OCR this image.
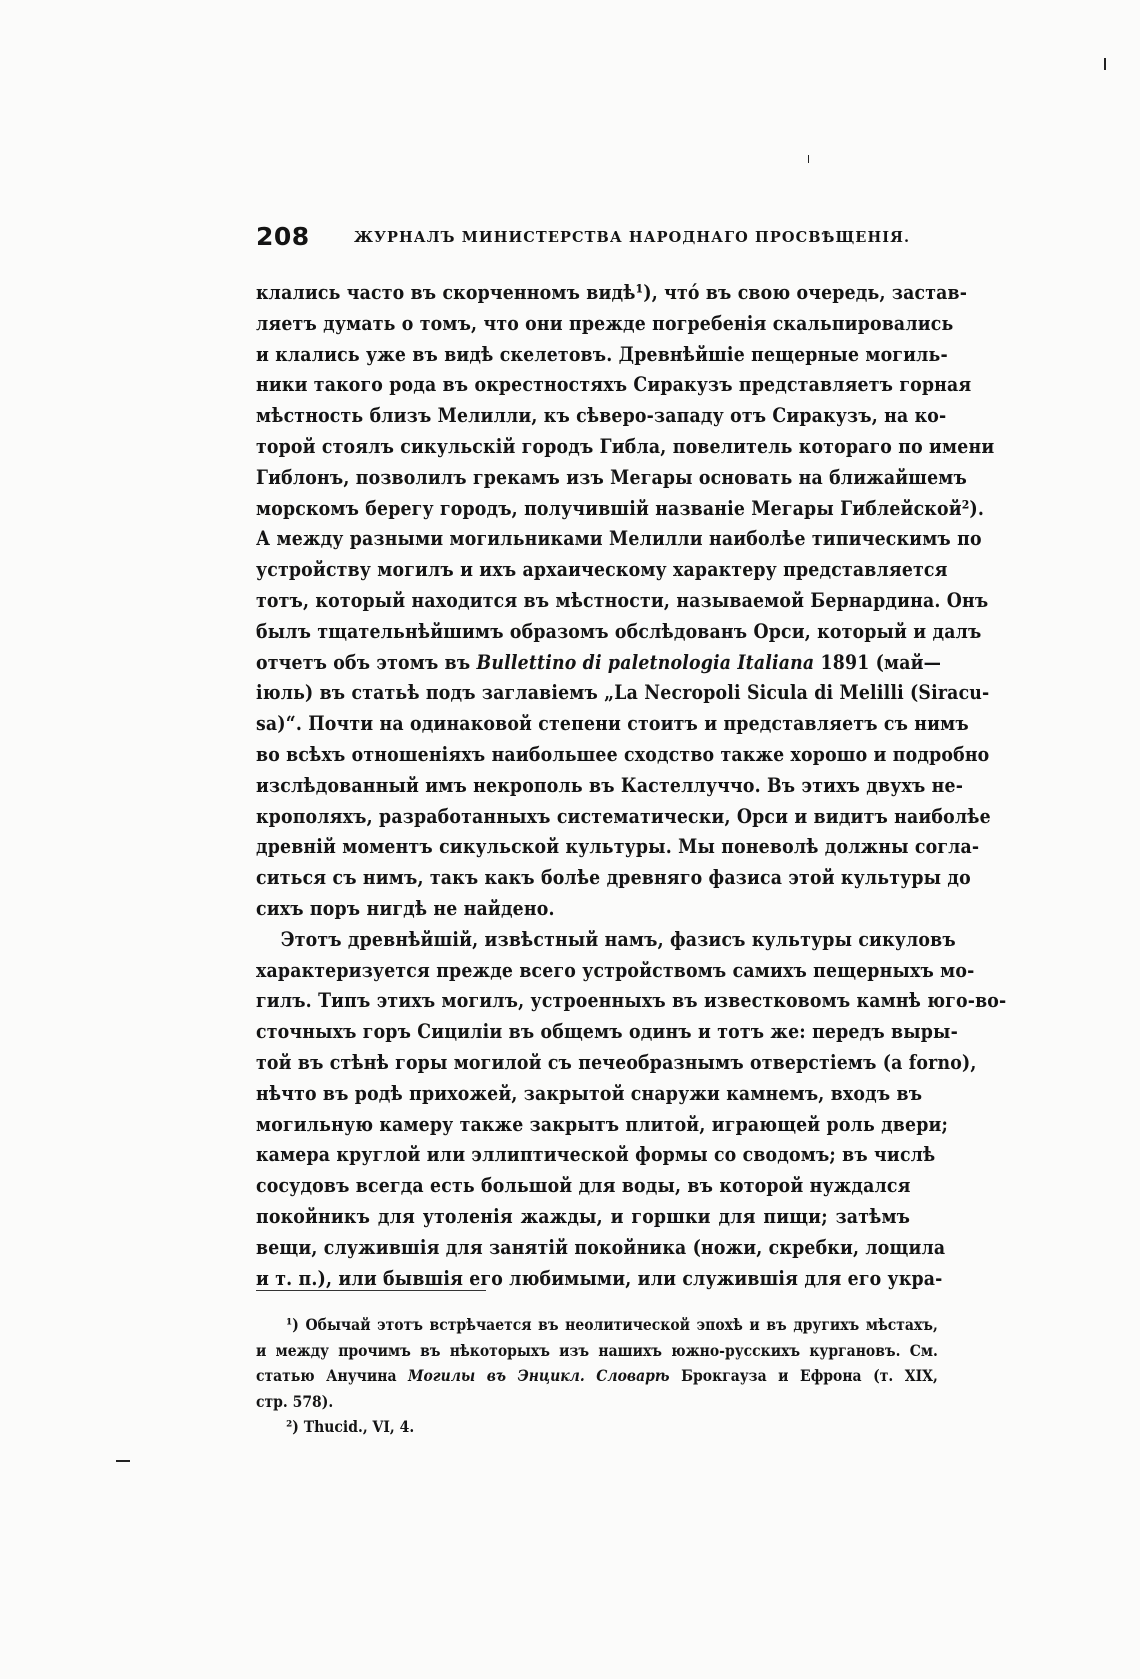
208	ЖУРНАЛЪ МИНИСТЕРСТВА НАРОДНАГО ПРОСВѢЩЕНІЯ.
клались часто въ скорченномъ видѣ¹), чтó въ свою очередь, застав-
ляетъ думать о томъ, что они прежде погребенія скальпировались
и клались уже въ видѣ скелетовъ. Древнѣйшіе пещерные могиль-
ники такого рода въ окрестностяхъ Сиракузъ представляетъ горная
мѣстность близъ Мелилли, къ сѣверо-западу отъ Сиракузъ, на ко-
торой стоялъ сикульскій городъ Гибла, повелитель котораго по имени
Гиблонъ, позволилъ грекамъ изъ Мегары основать на ближайшемъ
морскомъ берегу городъ, получившій названіе Мегары Гиблейской²).
А между разными могильниками Мелилли наиболѣе типическимъ по
устройству могилъ и ихъ архаическому характеру представляется
тотъ, который находится въ мѣстности, называемой Бернардина. Онъ
былъ тщательнѣйшимъ образомъ обслѣдованъ Орси, который и далъ
отчетъ объ этомъ въ Bullettino di paletnologia Italiana 1891 (май—
іюль) въ статьѣ подъ заглавіемъ „La Necropoli Sicula di Melilli (Siracu-
sa)“. Почти на одинаковой степени стоитъ и представляетъ съ нимъ
во всѣхъ отношеніяхъ наибольшее сходство также хорошо и подробно
изслѣдованный имъ некрополь въ Кастеллуччо. Въ этихъ двухъ не-
крополяхъ, разработанныхъ систематически, Орси и видитъ наиболѣе
древній моментъ сикульской культуры. Мы поневолѣ должны согла-
ситься съ нимъ, такъ какъ болѣе древняго фазиса этой культуры до
сихъ поръ нигдѣ не найдено.
Этотъ древнѣйшій, извѣстный намъ, фазисъ культуры сикуловъ
характеризуется прежде всего устройствомъ самихъ пещерныхъ мо-
гилъ. Типъ этихъ могилъ, устроенныхъ въ известковомъ камнѣ юго-во-
сточныхъ горъ Сициліи въ общемъ одинъ и тотъ же: передъ выры-
той въ стѣнѣ горы могилой съ печеобразнымъ отверстіемъ (a forno),
нѣчто въ родѣ прихожей, закрытой снаружи камнемъ, входъ въ
могильную камеру также закрытъ плитой, играющей роль двери;
камера круглой или эллиптической формы со сводомъ; въ числѣ
сосудовъ всегда есть большой для воды, въ которой нуждался
покойникъ для утоленія жажды, и горшки для пищи; затѣмъ
вещи, служившія для занятій покойника (ножи, скребки, лощила
и т. п.), или бывшія его любимыми, или служившія для его укра-
¹) Обычай этотъ встрѣчается въ неолитической эпохѣ и въ другихъ мѣстахъ,
и между прочимъ въ нѣкоторыхъ изъ нашихъ южно-русскихъ кургановъ. См.
статью Анучина Могилы въ Энцикл. Словарѣ Брокгауза и Ефрона (т. XIX,
стр. 578).
²) Thucid., VI, 4.
